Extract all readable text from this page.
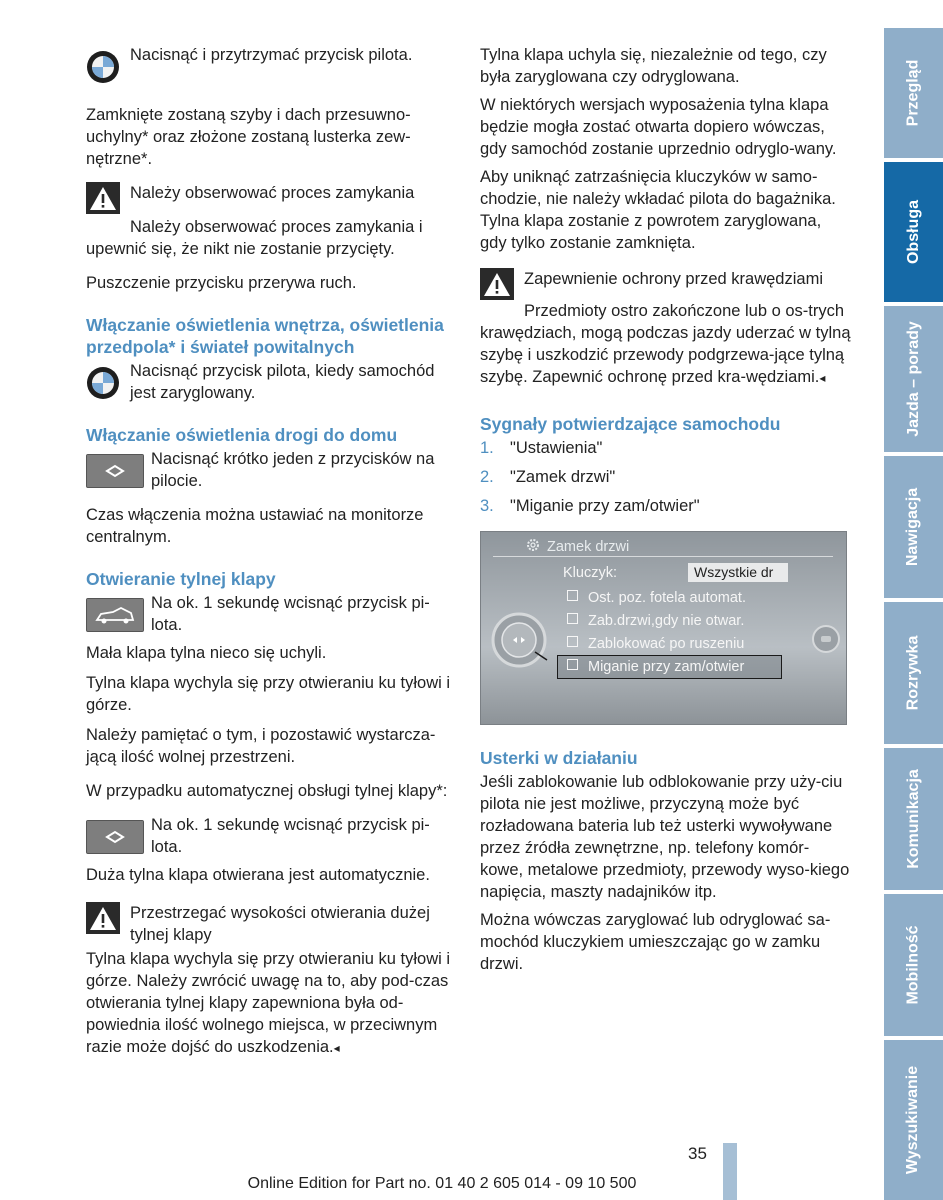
Nacisnąć i przytrzymać przycisk pilota.

Zamknięte zostaną szyby i dach przesuwno-uchylny* oraz złożone zostaną lusterka zew-nętrzne*.

Należy obserwować proces zamykania
Należy obserwować proces zamykania i upewnić się, że nikt nie zostanie przycięty.

Puszczenie przycisku przerywa ruch.

Włączanie oświetlenia wnętrza, oświetlenia przedpola* i świateł powitalnych
Nacisnąć przycisk pilota, kiedy samochód jest zaryglowany.
Włączanie oświetlenia drogi do domu
Nacisnąć krótko jeden z przycisków na pilocie.

Czas włączenia można ustawiać na monitorze centralnym.

Otwieranie tylnej klapy
Na ok. 1 sekundę wcisnąć przycisk pi-lota.

Mała klapa tylna nieco się uchyli.

Tylna klapa wychyla się przy otwieraniu ku tyłowi i górze.

Należy pamiętać o tym, i pozostawić wystarcza-jącą ilość wolnej przestrzeni.

W przypadku automatycznej obsługi tylnej klapy*:

Na ok. 1 sekundę wcisnąć przycisk pi-lota.

Duża tylna klapa otwierana jest automatycznie.

Przestrzegać wysokości otwierania dużej tylnej klapy
Tylna klapa wychyla się przy otwieraniu ku tyłowi i górze. Należy zwrócić uwagę na to, aby pod-czas otwierania tylnej klapy zapewniona była od-powiednia ilość wolnego miejsca, w przeciwnym razie może dojść do uszkodzenia.◂

Tylna klapa uchyla się, niezależnie od tego, czy była zaryglowana czy odryglowana.

W niektórych wersjach wyposażenia tylna klapa będzie mogła zostać otwarta dopiero wówczas, gdy samochód zostanie uprzednio odryglo-wany.

Aby uniknąć zatrzaśnięcia kluczyków w samo-chodzie, nie należy wkładać pilota do bagażnika. Tylna klapa zostanie z powrotem zaryglowana, gdy tylko zostanie zamknięta.

Zapewnienie ochrony przed krawędziami
Przedmioty ostro zakończone lub o os-trych krawędziach, mogą podczas jazdy uderzać w tylną szybę i uszkodzić przewody podgrzewa-jące tylną szybę. Zapewnić ochronę przed kra-wędziami.◂
Sygnały potwierdzające samochodu
1. "Ustawienia"
2. "Zamek drzwi"
3. "Miganie przy zam/otwier"
Zamek drzwi
Kluczyk:	Wszystkie dr
Ost. poz. fotela automat.
Zab.drzwi,gdy nie otwar.
Zablokować po ruszeniu
Miganie przy zam/otwier
Usterki w działaniu

Jeśli zablokowanie lub odblokowanie przy uży-ciu pilota nie jest możliwe, przyczyną może być rozładowana bateria lub też usterki wywoływane przez źródła zewnętrzne, np. telefony komór-kowe, metalowe przedmioty, przewody wyso-kiego napięcia, maszty nadajników itp.

Można wówczas zaryglować lub odryglować sa-mochód kluczykiem umieszczając go w zamku drzwi.

Przegląd
Obsługa
Jazda – porady
Nawigacja
Rozrywka
Komunikacja
Mobilność
Wyszukiwanie
35
Online Edition for Part no. 01 40 2 605 014 - 09 10 500
